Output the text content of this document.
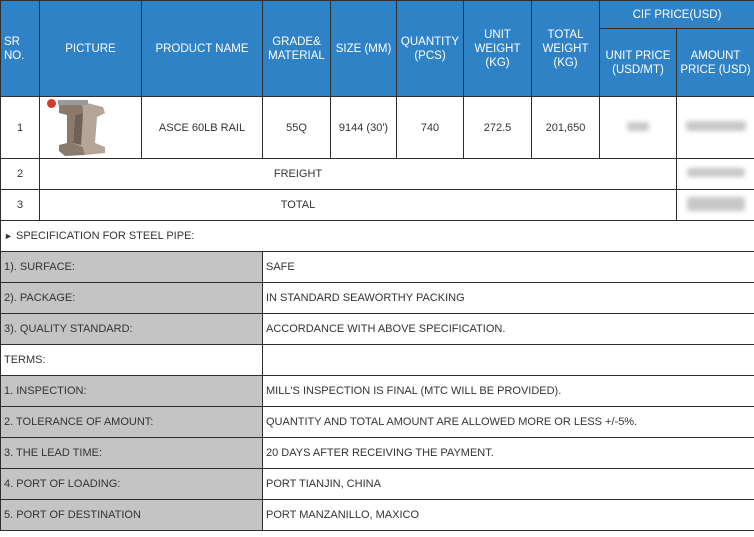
SR NO.	PICTURE	PRODUCT NAME	GRADE& MATERIAL	SIZE (MM)	QUANTITY (PCS)	UNIT WEIGHT (KG)	TOTAL WEIGHT (KG)	CIF PRICE(USD)	
								UNIT PRICE (USD/MT)	AMOUNT PRICE (USD)
1		ASCE 60LB RAIL	55Q	9144 (30')	740	272.5	201,650		
2	FREIGHT								
3	TOTAL								
► SPECIFICATION FOR STEEL PIPE:									
1). SURFACE:			SAFE						
2). PACKAGE:			IN STANDARD SEAWORTHY PACKING						
3). QUALITY STANDARD:			ACCORDANCE WITH ABOVE SPECIFICATION.						
TERMS:									
1. INSPECTION:			MILL'S INSPECTION IS FINAL (MTC WILL BE PROVIDED).						
2. TOLERANCE OF AMOUNT:			QUANTITY AND TOTAL AMOUNT ARE ALLOWED MORE OR LESS +/-5%.						
3. THE LEAD TIME:			20 DAYS AFTER RECEIVING THE PAYMENT.						
4. PORT OF LOADING:			PORT TIANJIN, CHINA						
5. PORT OF DESTINATION			PORT MANZANILLO, MAXICO						
